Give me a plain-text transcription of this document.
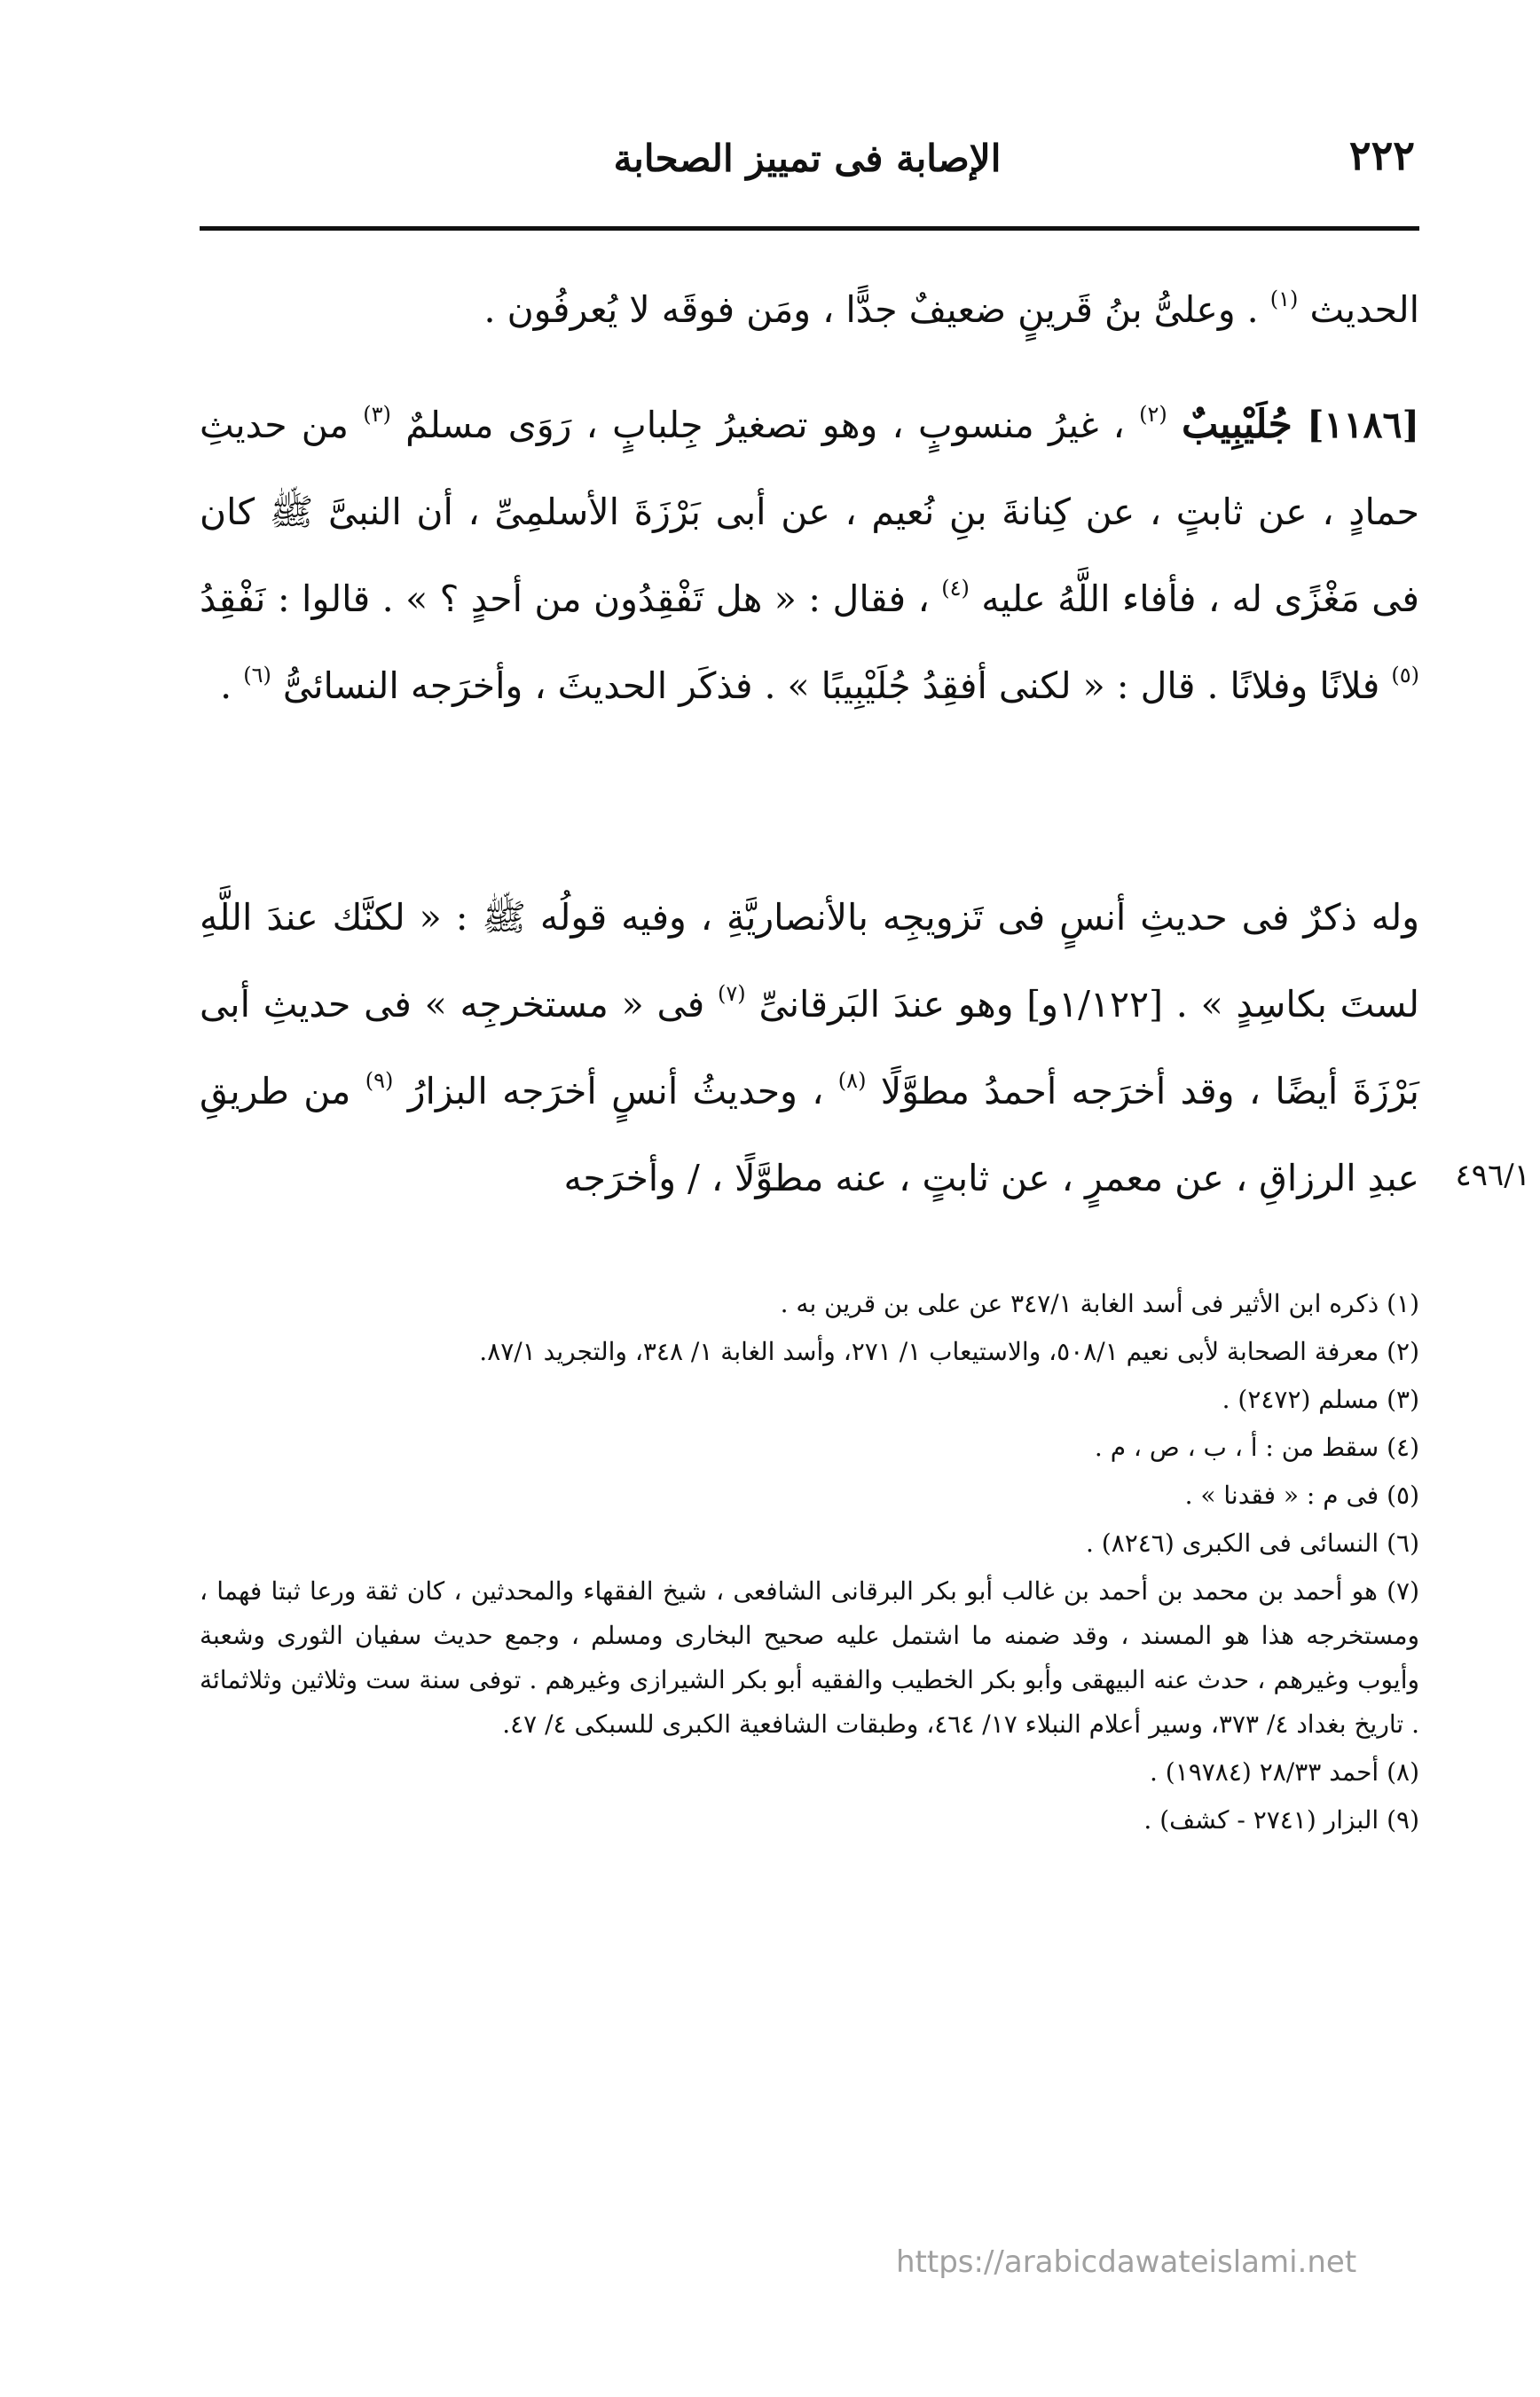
٢٢٢
الإصابة فى تمييز الصحابة

الحديث $^{(١)}$ . وعلىُّ بنُ قَرينٍ ضعيفٌ جدًّا ، ومَن فوقَه لا يُعرفُون .

[١١٨٦] جُلَيْبِيبٌ $^{(٢)}$ ، غيرُ منسوبٍ ، وهو تصغيرُ جِلبابٍ ، رَوَى مسلمٌ $^{(٣)}$ من حديثِ حمادٍ ، عن ثابتٍ ، عن كِنانةَ بنِ نُعيم ، عن أبى بَرْزَةَ الأسلمِىِّ ، أن النبىَّ ﷺ كان فى مَغْزًى له ، فأفاء اللَّهُ عليه $^{(٤)}$ ، فقال : « هل تَفْقِدُون من أحدٍ ؟ » . قالوا : نَفْقِدُ $^{(٥)}$ فلانًا وفلانًا . قال : « لكنى أفقِدُ جُلَيْبِيبًا » . فذكَر الحديثَ ، وأخرَجه النسائىُّ $^{(٦)}$ .

وله ذكرٌ فى حديثِ أنسٍ فى تَزويجِه بالأنصاريَّةِ ، وفيه قولُه ﷺ : « لكنَّك عندَ اللَّهِ لستَ بكاسِدٍ » . [١/١٢٢و] وهو عندَ البَرقانىِّ $^{(٧)}$ فى « مستخرجِه » فى حديثِ أبى بَرْزَةَ أيضًا ، وقد أخرَجه أحمدُ مطوَّلًا $^{(٨)}$ ، وحديثُ أنسٍ أخرَجه البزارُ $^{(٩)}$ من طريقِ عبدِ الرزاقِ ، عن معمرٍ ، عن ثابتٍ ، عنه مطوَّلًا ، / وأخرَجه	٤٩٦/١

(١) ذكره ابن الأثير فى أسد الغابة ٣٤٧/١ عن على بن قرين به .

(٢) معرفة الصحابة لأبى نعيم ٥٠٨/١، والاستيعاب ١/ ٢٧١، وأسد الغابة ١/ ٣٤٨، والتجريد ٨٧/١.

(٣) مسلم (٢٤٧٢) .

(٤) سقط من : أ ، ب ، ص ، م .

(٥) فى م : « فقدنا » .

(٦) النسائى فى الكبرى (٨٢٤٦) .

(٧) هو أحمد بن محمد بن أحمد بن غالب أبو بكر البرقانى الشافعى ، شيخ الفقهاء والمحدثين ، كان ثقة ورعا ثبتا فهما ، ومستخرجه هذا هو المسند ، وقد ضمنه ما اشتمل عليه صحيح البخارى ومسلم ، وجمع حديث سفيان الثورى وشعبة وأيوب وغيرهم ، حدث عنه البيهقى وأبو بكر الخطيب والفقيه أبو بكر الشيرازى وغيرهم . توفى سنة ست وثلاثين وثلاثمائة . تاريخ بغداد ٤/ ٣٧٣، وسير أعلام النبلاء ١٧/ ٤٦٤، وطبقات الشافعية الكبرى للسبكى ٤/ ٤٧.

(٨) أحمد ٢٨/٣٣ (١٩٧٨٤) .

(٩) البزار (٢٧٤١ - كشف) .

https://arabicdawateislami.net
